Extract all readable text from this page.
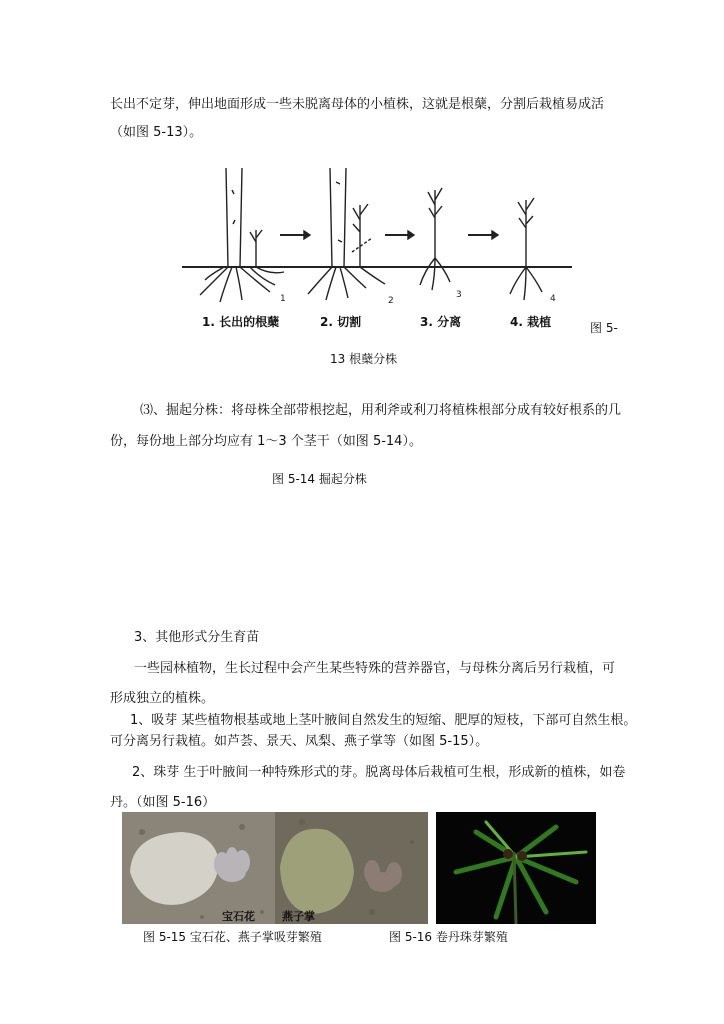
长出不定芽，伸出地面形成一些未脱离母体的小植株，这就是根蘖，分割后栽植易成活
（如图 5-13）。
1	2
3	4
1. 长出的根蘖	2. 切割	3. 分离	4. 栽植	图 5-
13 根蘖分株
⑶、掘起分株：将母株全部带根挖起，用利斧或利刀将植株根部分成有较好根系的几
份，每份地上部分均应有 1～3 个茎干（如图 5-14）。
图 5-14 掘起分株
3、其他形式分生育苗
一些园林植物，生长过程中会产生某些特殊的营养器官，与母株分离后另行栽植，可
形成独立的植株。
1、吸芽 某些植物根基或地上茎叶腋间自然发生的短缩、肥厚的短枝，下部可自然生根。
可分离另行栽植。如芦荟、景天、凤梨、燕子掌等（如图 5-15）。
2、珠芽 生于叶腋间一种特殊形式的芽。脱离母体后栽植可生根，形成新的植株，如卷
丹。（如图 5-16）
宝石花 燕子掌
图 5-15 宝石花、燕子掌吸芽繁殖	图 5-16 卷丹珠芽繁殖
